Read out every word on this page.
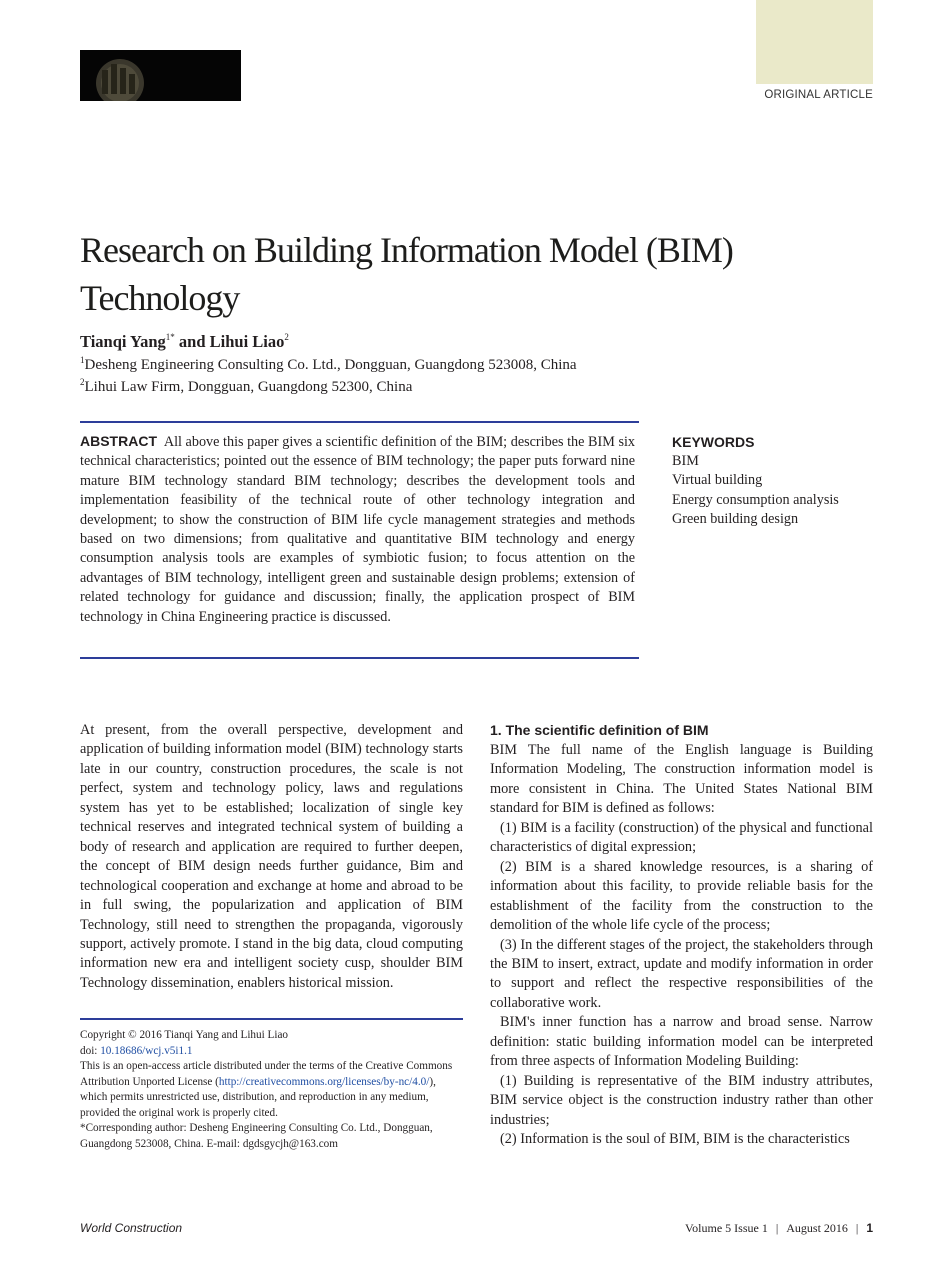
ORIGINAL ARTICLE
Research on Building Information Model (BIM) Technology
Tianqi Yang$^{1*}$ and Lihui Liao$^2$
$^1$Desheng Engineering Consulting Co. Ltd., Dongguan, Guangdong 523008, China
$^2$Lihui Law Firm, Dongguan, Guangdong 52300, China

ABSTRACT All above this paper gives a scientific definition of the BIM; describes the BIM six technical characteristics; pointed out the essence of BIM technology; the paper puts forward nine mature BIM technology standard BIM technology; describes the development tools and implementation feasibility of the technical route of other technology integration and development; to show the construction of BIM life cycle management strategies and methods based on two dimensions; from qualitative and quantitative BIM technology and energy consumption analysis tools are examples of symbiotic fusion; to focus attention on the advantages of BIM technology, intelligent green and sustainable design problems; extension of related technology for guidance and discussion; finally, the application prospect of BIM technology in China Engineering practice is discussed.

KEYWORDS
BIM
Virtual building
Energy consumption analysis
Green building design

At present, from the overall perspective, development and application of building information model (BIM) technology starts late in our country, construction procedures, the scale is not perfect, system and technology policy, laws and regulations system has yet to be established; localization of single key technical reserves and integrated technical system of building a body of research and application are required to further deepen, the concept of BIM design needs further guidance, Bim and technological cooperation and exchange at home and abroad to be in full swing, the popularization and application of BIM Technology, still need to strengthen the propaganda, vigorously support, actively promote. I stand in the big data, cloud computing information new era and intelligent society cusp, shoulder BIM Technology dissemination, enablers historical mission.

Copyright © 2016 Tianqi Yang and Lihui Liao

doi: 10.18686/wcj.v5i1.1

This is an open-access article distributed under the terms of the Creative Commons Attribution Unported License (http://creativecommons.org/licenses/by-nc/4.0/), which permits unrestricted use, distribution, and reproduction in any medium, provided the original work is properly cited.

*Corresponding author: Desheng Engineering Consulting Co. Ltd., Dongguan, Guangdong 523008, China. E-mail: dgdsgycjh@163.com

1. The scientific definition of BIM

BIM The full name of the English language is Building Information Modeling, The construction information model is more consistent in China. The United States National BIM standard for BIM is defined as follows:

(1) BIM is a facility (construction) of the physical and functional characteristics of digital expression;

(2) BIM is a shared knowledge resources, is a sharing of information about this facility, to provide reliable basis for the establishment of the facility from the construction to the demolition of the whole life cycle of the process;

(3) In the different stages of the project, the stakeholders through the BIM to insert, extract, update and modify information in order to support and reflect the respective responsibilities of the collaborative work.

BIM's inner function has a narrow and broad sense. Narrow definition: static building information model can be interpreted from three aspects of Information Modeling Building:

(1) Building is representative of the BIM industry attributes, BIM service object is the construction industry rather than other industries;

(2) Information is the soul of BIM, BIM is the characteristics

World Construction	Volume 5 Issue 1 | August 2016 | 1
